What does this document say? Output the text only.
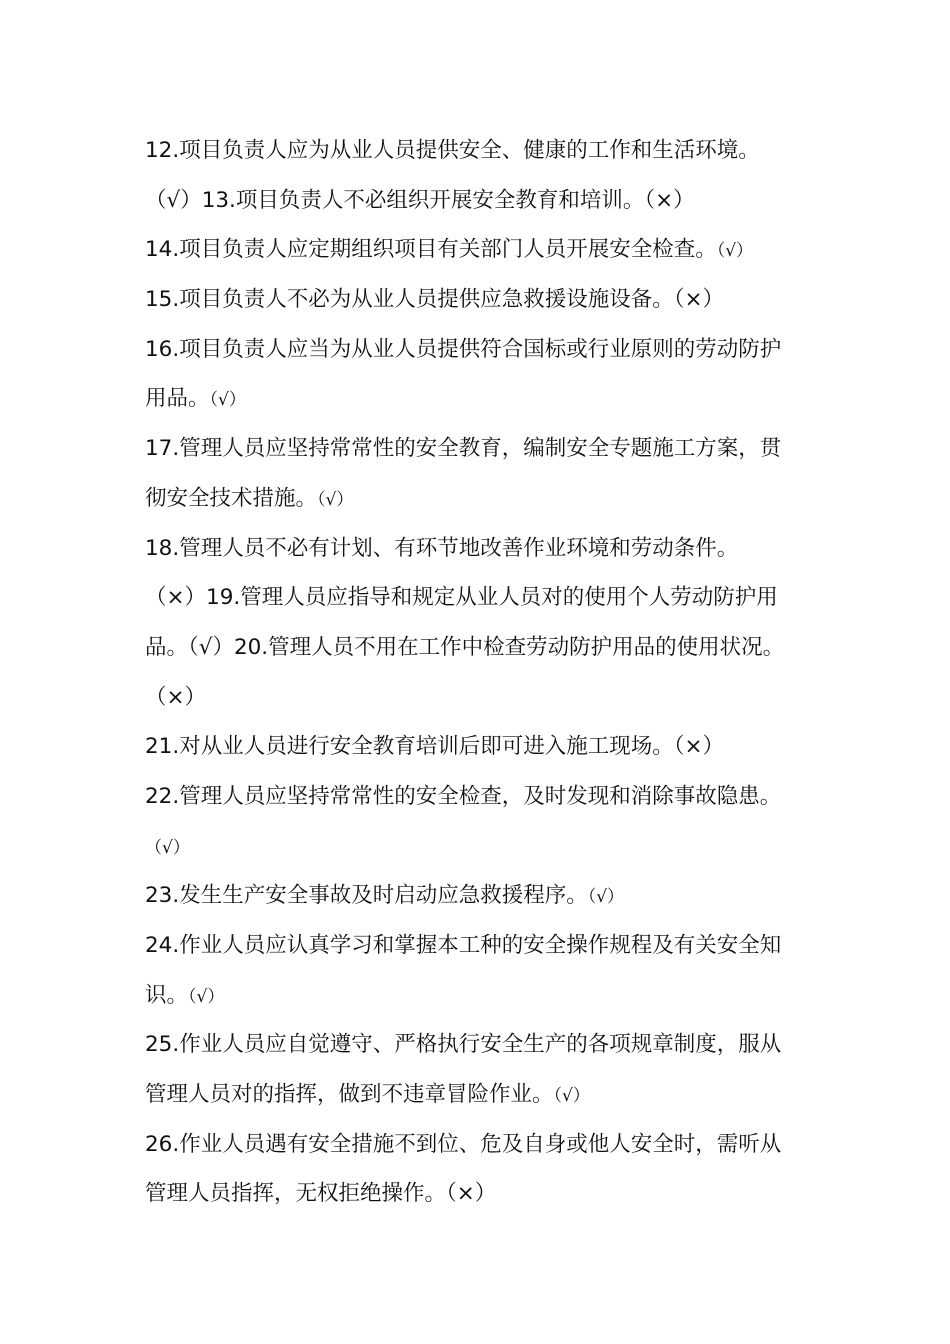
12.项目负责人应为从业人员提供安全、健康的工作和生活环境。
（√）13.项目负责人不必组织开展安全教育和培训。（×）
14.项目负责人应定期组织项目有关部门人员开展安全检查。（√）
15.项目负责人不必为从业人员提供应急救援设施设备。（×）
16.项目负责人应当为从业人员提供符合国标或行业原则的劳动防护
用品。（√）
17.管理人员应坚持常常性的安全教育，编制安全专题施工方案，贯
彻安全技术措施。（√）
18.管理人员不必有计划、有环节地改善作业环境和劳动条件。
（×）19.管理人员应指导和规定从业人员对的使用个人劳动防护用
品。（√）20.管理人员不用在工作中检查劳动防护用品的使用状况。
（×）
21.对从业人员进行安全教育培训后即可进入施工现场。（×）
22.管理人员应坚持常常性的安全检查，及时发现和消除事故隐患。
（√）
23.发生生产安全事故及时启动应急救援程序。（√）
24.作业人员应认真学习和掌握本工种的安全操作规程及有关安全知
识。（√）
25.作业人员应自觉遵守、严格执行安全生产的各项规章制度，服从
管理人员对的指挥，做到不违章冒险作业。（√）
26.作业人员遇有安全措施不到位、危及自身或他人安全时，需听从
管理人员指挥，无权拒绝操作。（×）
